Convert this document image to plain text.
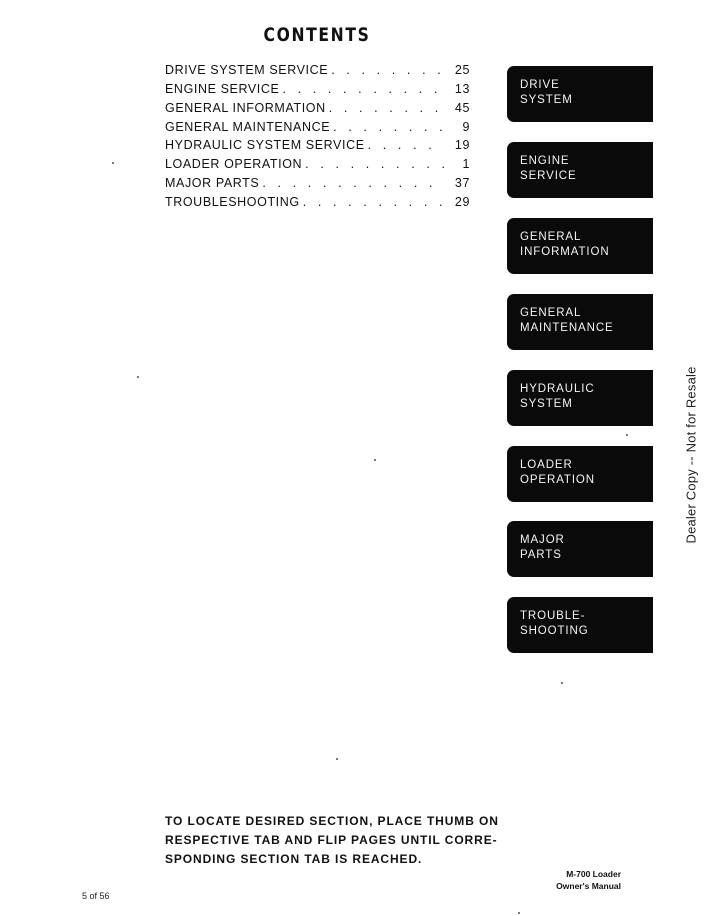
CONTENTS
DRIVE SYSTEM SERVICE . . .	25
ENGINE SERVICE . . .	13
GENERAL INFORMATION . . .	45
GENERAL MAINTENANCE . . .	9
HYDRAULIC SYSTEM SERVICE . . .	19
LOADER OPERATION . . .	1
MAJOR PARTS . . .	37
TROUBLESHOOTING . . .	29
DRIVE
SYSTEM
ENGINE
SERVICE
GENERAL
INFORMATION
GENERAL
MAINTENANCE
HYDRAULIC
SYSTEM
LOADER
OPERATION
MAJOR
PARTS
TROUBLE-
SHOOTING
Dealer Copy -- Not for Resale
TO LOCATE DESIRED SECTION, PLACE THUMB ON
RESPECTIVE TAB AND FLIP PAGES UNTIL CORRE-
SPONDING SECTION TAB IS REACHED.
M-700 Loader
Owner's Manual
5 of 56
